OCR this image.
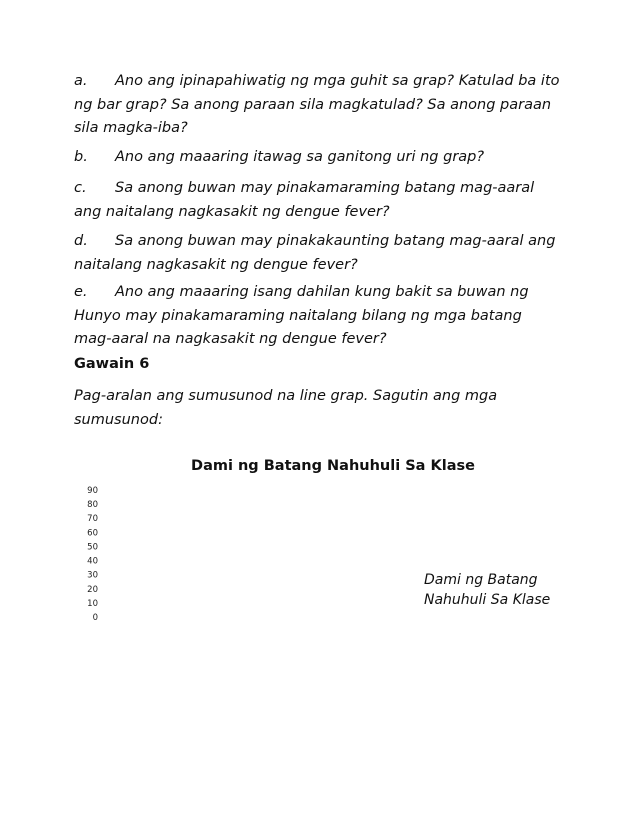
a. Ano ang ipinapahiwatig ng mga guhit sa grap? Katulad ba ito
ng bar grap? Sa anong paraan sila magkatulad? Sa anong paraan
sila magka-iba?
b. Ano ang maaaring itawag sa ganitong uri ng grap?
c. Sa anong buwan may pinakamaraming batang mag-aaral
ang naitalang nagkasakit ng dengue fever?
d. Sa anong buwan may pinakakaunting batang mag-aaral ang
naitalang nagkasakit ng dengue fever?
e. Ano ang maaaring isang dahilan kung bakit sa buwan ng
Hunyo may pinakamaraming naitalang bilang ng mga batang
mag-aaral na nagkasakit ng dengue fever?
Gawain 6
Pag-aralan ang sumusunod na line grap. Sagutin ang mga
sumusunod:
Dami ng Batang Nahuhuli Sa Klase
90
80
70
60
50
40
30
20
10
0
Dami ng Batang
Nahuhuli Sa Klase
